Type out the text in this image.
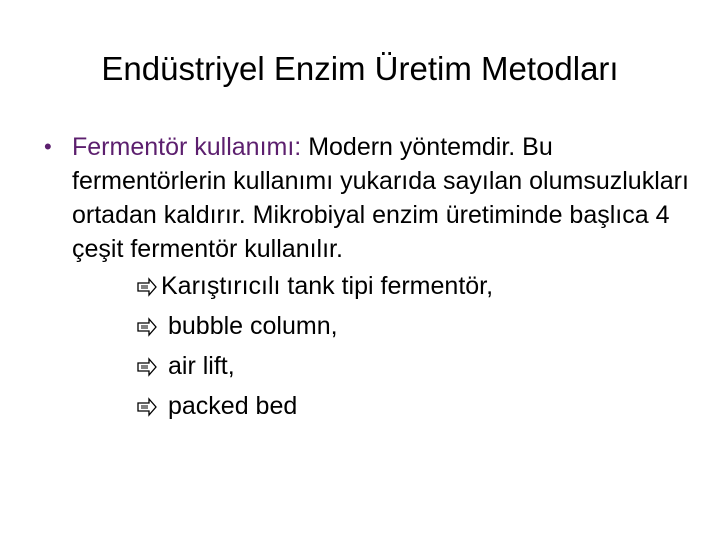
Endüstriyel Enzim Üretim Metodları
• Fermentör kullanımı: Modern yöntemdir. Bu fermentörlerin kullanımı yukarıda sayılan olumsuzlukları ortadan kaldırır. Mikrobiyal enzim üretiminde başlıca 4 çeşit fermentör kullanılır.
Karıştırıcılı tank tipi fermentör,
bubble column,
air lift,
packed bed
